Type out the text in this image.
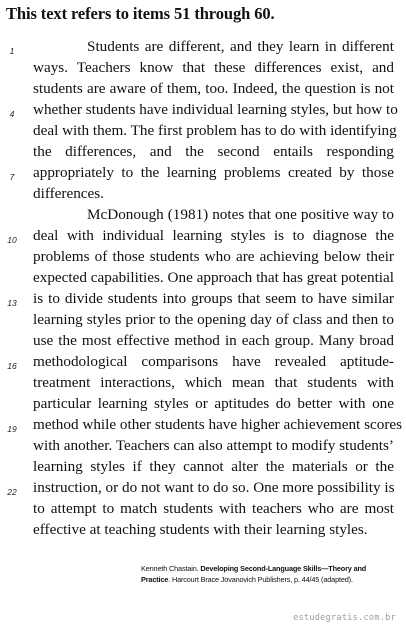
This text refers to items 51 through 60.
1
4
7
10
13
16
19
22
Students are different, and they learn in different
ways. Teachers know that these differences exist, and
students are aware of them, too. Indeed, the question is not
whether students have individual learning styles, but how to
deal with them. The first problem has to do with identifying
the differences, and the second entails responding
appropriately to the learning problems created by those
differences.
McDonough (1981) notes that one positive way to
deal with individual learning styles is to diagnose the
problems of those students who are achieving below their
expected capabilities. One approach that has great potential
is to divide students into groups that seem to have similar
learning styles prior to the opening day of class and then to
use the most effective method in each group. Many broad
methodological comparisons have revealed aptitude-
treatment interactions, which mean that students with
particular learning styles or aptitudes do better with one
method while other students have higher achievement scores
with another. Teachers can also attempt to modify students’
learning styles if they cannot alter the materials or the
instruction, or do not want to do so. One more possibility is
to attempt to match students with teachers who are most
effective at teaching students with their learning styles.
Kenneth Chastain. Developing Second-Language Skills—Theory and
Practice. Harcourt Brace Jovanovich Publishers, p. 44/45 (adapted).
estudegratis.com.br
